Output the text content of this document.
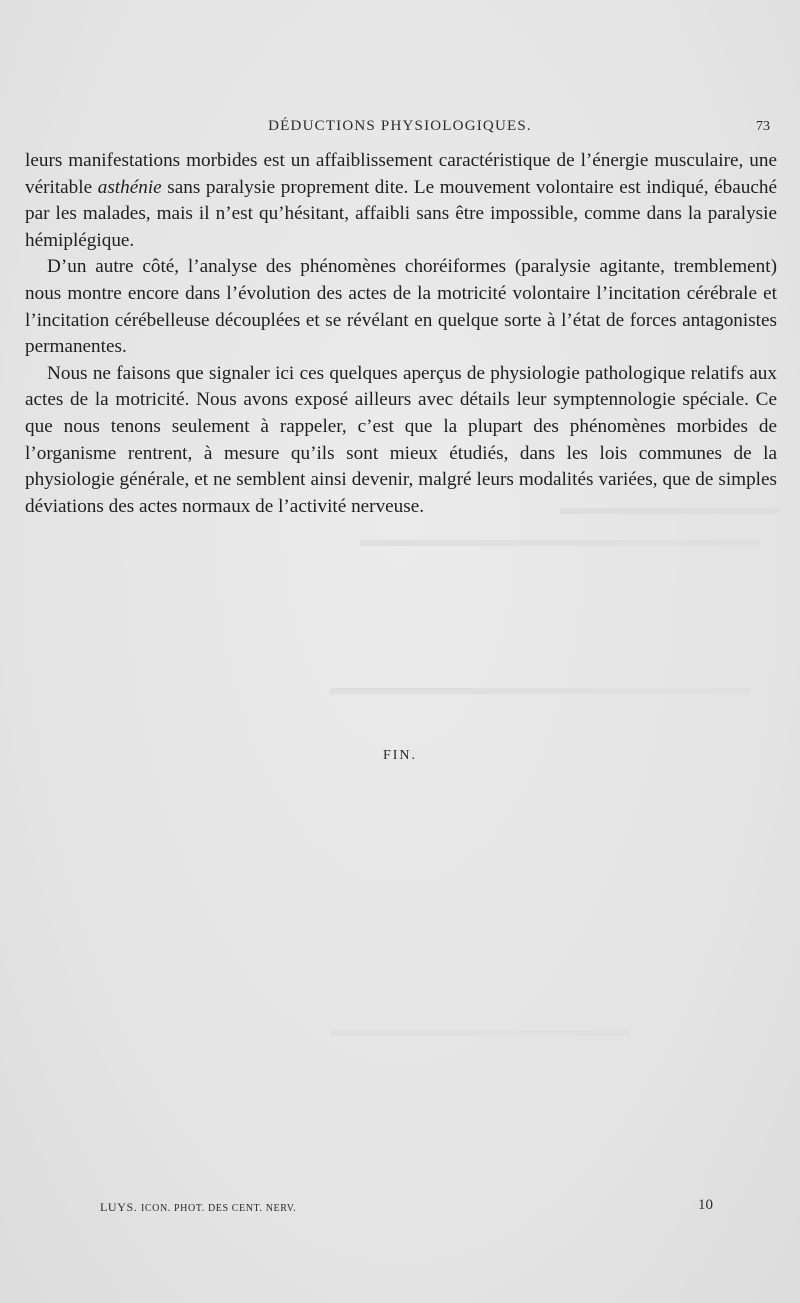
DÉDUCTIONS PHYSIOLOGIQUES.	73

leurs manifestations morbides est un affaiblissement caractéristique de l’énergie musculaire, une véritable asthénie sans paralysie proprement dite. Le mouvement volontaire est indiqué, ébauché par les malades, mais il n’est qu’hésitant, affaibli sans être impossible, comme dans la paralysie hémiplégique.

D’un autre côté, l’analyse des phénomènes choréiformes (paralysie agitante, tremblement) nous montre encore dans l’évolution des actes de la motricité volontaire l’incitation cérébrale et l’incitation cérébelleuse découplées et se révélant en quelque sorte à l’état de forces antagonistes permanentes.

Nous ne faisons que signaler ici ces quelques aperçus de physiologie pathologique relatifs aux actes de la motricité. Nous avons exposé ailleurs avec détails leur symptennologie spéciale. Ce que nous tenons seulement à rappeler, c’est que la plupart des phénomènes morbides de l’organisme rentrent, à mesure qu’ils sont mieux étudiés, dans les lois communes de la physiologie générale, et ne semblent ainsi devenir, malgré leurs modalités variées, que de simples déviations des actes normaux de l’activité nerveuse.

FIN.
LUYS. ICON. PHOT. DES CENT. NERV.	10
